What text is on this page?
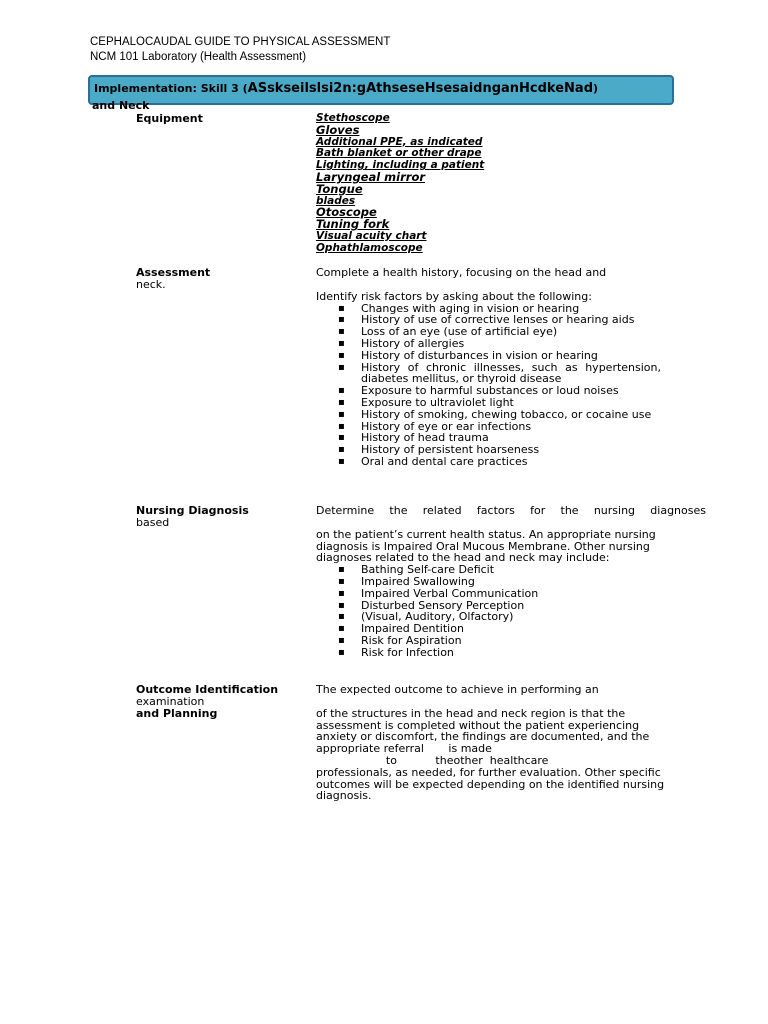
CEPHALOCAUDAL GUIDE TO PHYSICAL ASSESSMENT
NCM 101 Laboratory (Health Assessment)
Implementation: Skill 3 (ASskseilslsi2n:gAthseseHsesaidnganHcdkeNad)
and Neck
Equipment	Stethoscope
Gloves
Additional PPE, as indicated
Bath blanket or other drape
Lighting, including a patient
Laryngeal mirror
Tongue
blades
Otoscope
Tuning fork
Visual acuity chart
Ophathlamoscope
Assessment
neck.
Complete a health history, focusing on the head and
Identify risk factors by asking about the following:
▪ Changes with aging in vision or hearing
▪ History of use of corrective lenses or hearing aids
▪ Loss of an eye (use of artificial eye)
▪ History of allergies
▪ History of disturbances in vision or hearing
▪ History of chronic illnesses, such as hypertension, diabetes mellitus, or thyroid disease
▪ Exposure to harmful substances or loud noises
▪ Exposure to ultraviolet light
▪ History of smoking, chewing tobacco, or cocaine use
▪ History of eye or ear infections
▪ History of head trauma
▪ History of persistent hoarseness
▪ Oral and dental care practices
Nursing Diagnosis
based
Determine the related factors for the nursing diagnoses
on the patient’s current health status. An appropriate nursing diagnosis is Impaired Oral Mucous Membrane. Other nursing diagnoses related to the head and neck may include:
▪ Bathing Self-care Deficit
▪ Impaired Swallowing
▪ Impaired Verbal Communication
▪ Disturbed Sensory Perception
▪ (Visual, Auditory, Olfactory)
▪ Impaired Dentition
▪ Risk for Aspiration
▪ Risk for Infection
Outcome Identification
examination
and Planning
The expected outcome to achieve in performing an
of the structures in the head and neck region is that the assessment is completed without the patient experiencing anxiety or discomfort, the findings are documented, and the appropriate referral       is made
to           theother  healthcare
professionals, as needed, for further evaluation. Other specific outcomes will be expected depending on the identified nursing diagnosis.
